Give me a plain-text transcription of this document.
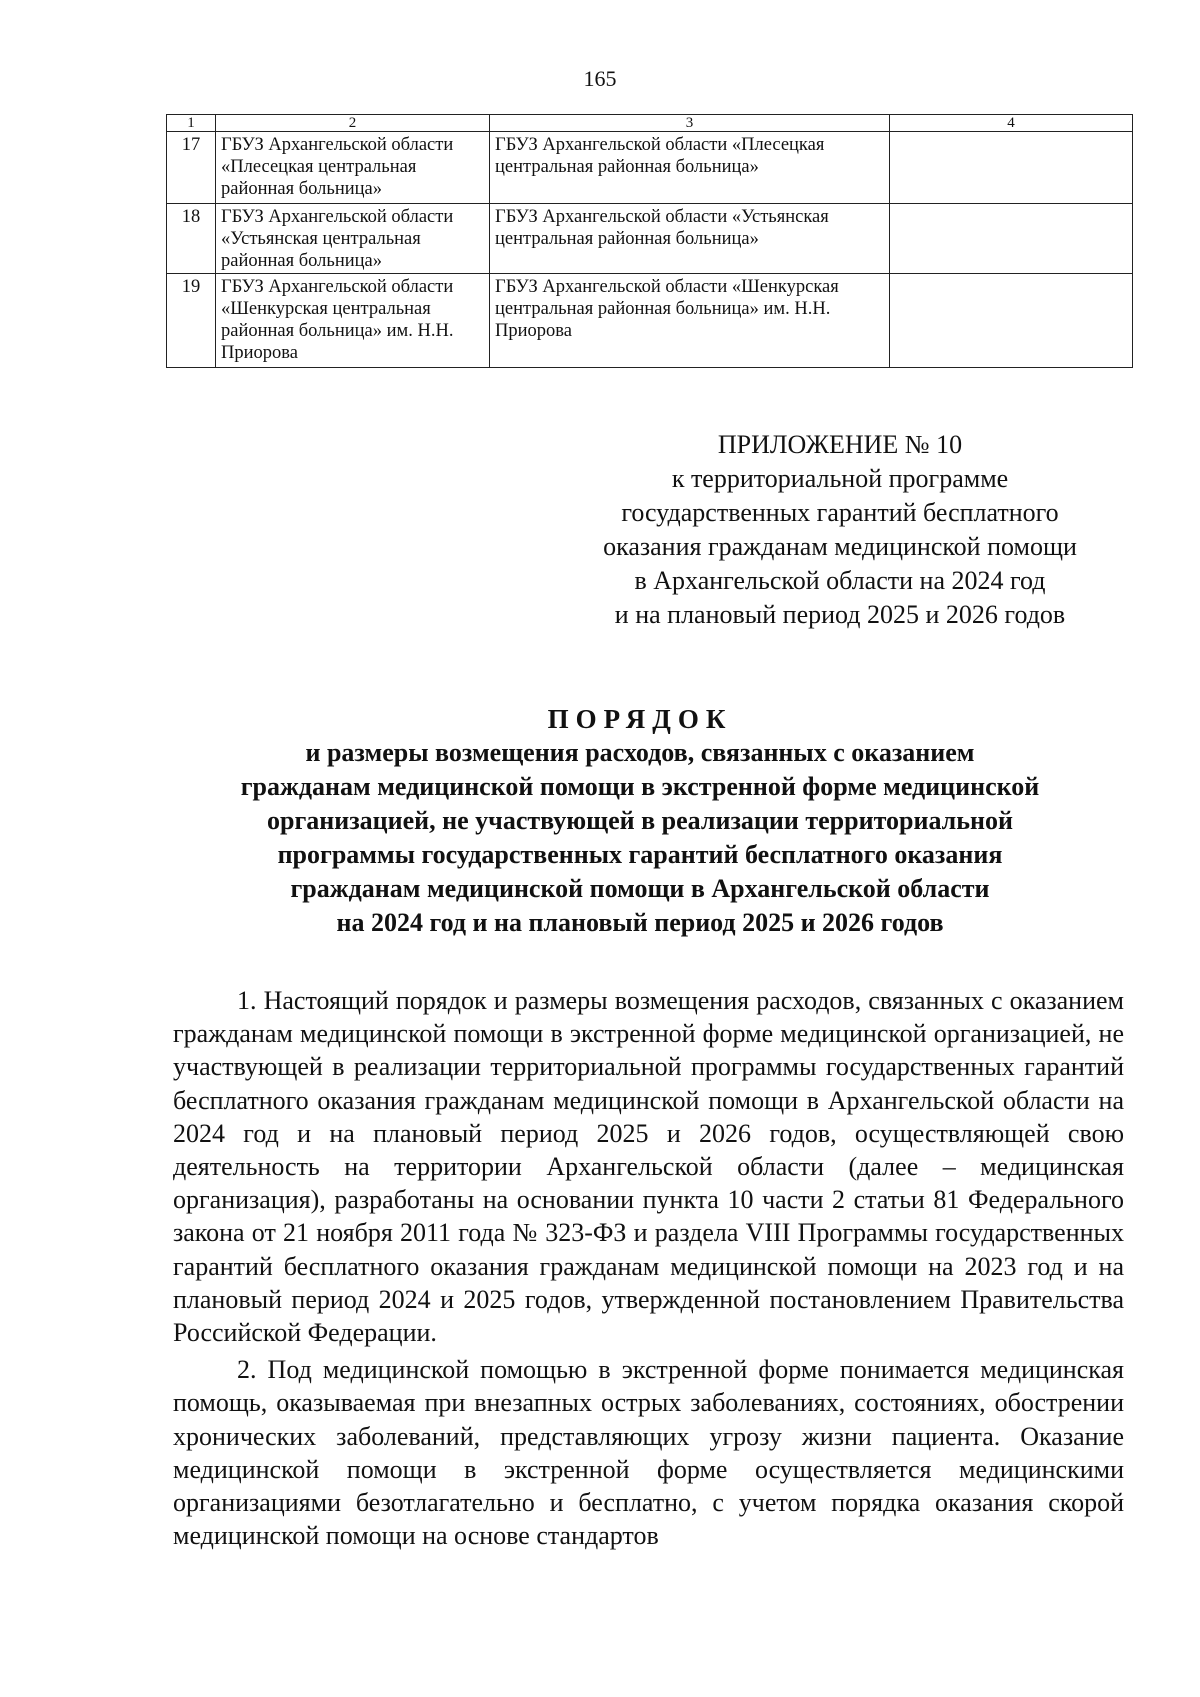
165
1	2	3	4
17	ГБУЗ Архангельской области «Плесецкая центральная районная больница»	ГБУЗ Архангельской области «Плесецкая центральная районная больница»	
18	ГБУЗ Архангельской области «Устьянская центральная районная больница»	ГБУЗ Архангельской области «Устьянская центральная районная больница»	
19	ГБУЗ Архангельской области «Шенкурская центральная районная больница» им. Н.Н. Приорова	ГБУЗ Архангельской области «Шенкурская центральная районная больница» им. Н.Н. Приорова	
ПРИЛОЖЕНИЕ № 10
к территориальной программе
государственных гарантий бесплатного
оказания гражданам медицинской помощи
в Архангельской области на 2024 год
и на плановый период 2025 и 2026 годов
ПОРЯДОК
и размеры возмещения расходов, связанных с оказанием
гражданам медицинской помощи в экстренной форме медицинской
организацией, не участвующей в реализации территориальной
программы государственных гарантий бесплатного оказания
гражданам медицинской помощи в Архангельской области
на 2024 год и на плановый период 2025 и 2026 годов

1. Настоящий порядок и размеры возмещения расходов, связанных с оказанием гражданам медицинской помощи в экстренной форме медицинской организацией, не участвующей в реализации территориальной программы государственных гарантий бесплатного оказания гражданам медицинской помощи в Архангельской области на 2024 год и на плановый период 2025 и 2026 годов, осуществляющей свою деятельность на территории Архангельской области (далее – медицинская организация), разработаны на основании пункта 10 части 2 статьи 81 Федерального закона от 21 ноября 2011 года № 323-ФЗ и раздела VIII Программы государственных гарантий бесплатного оказания гражданам медицинской помощи на 2023 год и на плановый период 2024 и 2025 годов, утвержденной постановлением Правительства Российской Федерации.

2. Под медицинской помощью в экстренной форме понимается медицинская помощь, оказываемая при внезапных острых заболеваниях, состояниях, обострении хронических заболеваний, представляющих угрозу жизни пациента. Оказание медицинской помощи в экстренной форме осуществляется медицинскими организациями безотлагательно и бесплатно, с учетом порядка оказания скорой медицинской помощи на основе стандартов
